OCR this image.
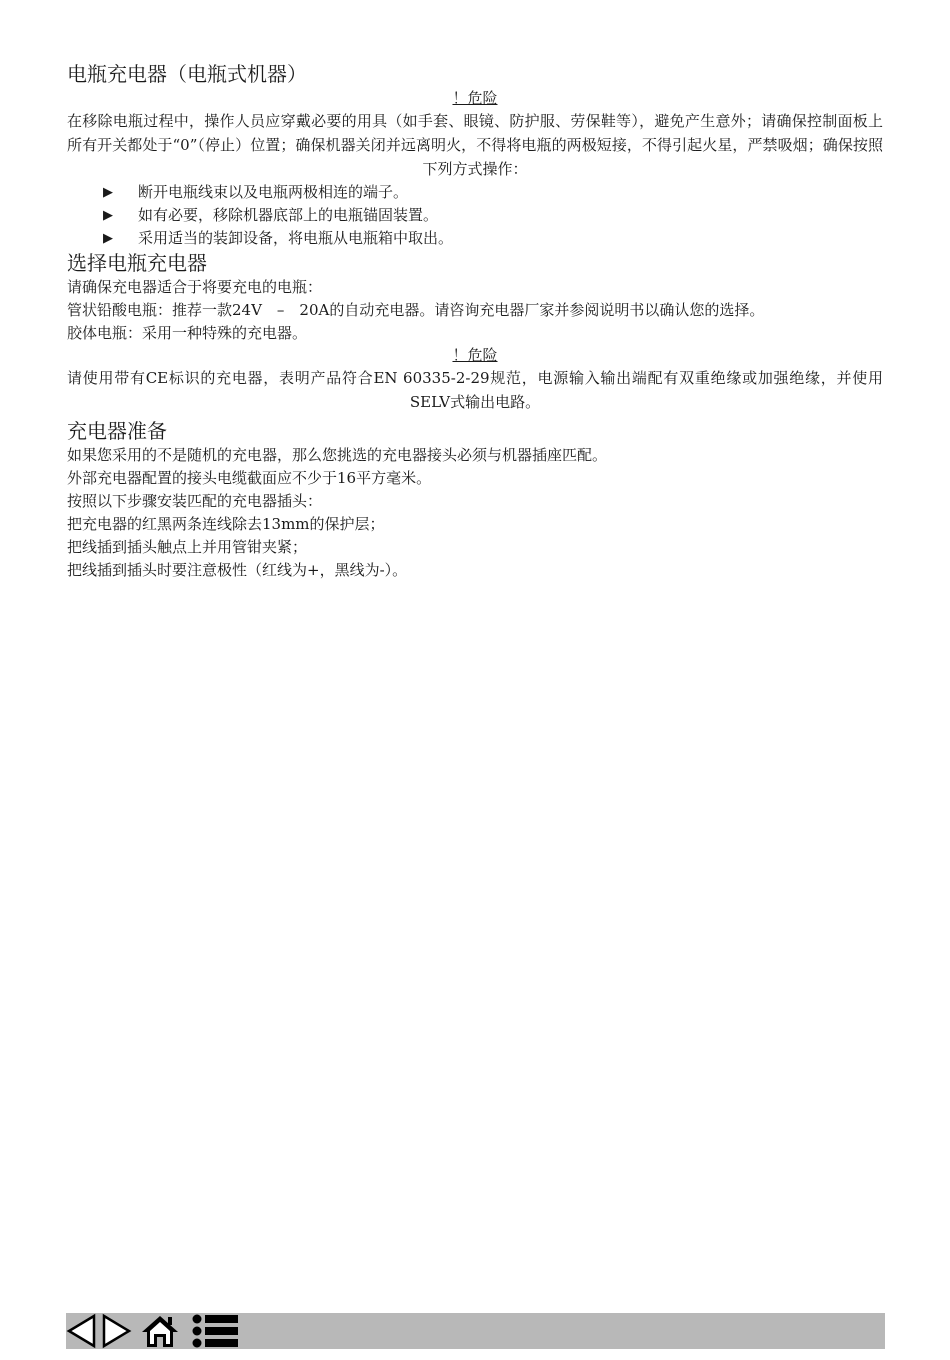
电瓶充电器（电瓶式机器）

！危险

在移除电瓶过程中，操作人员应穿戴必要的用具（如手套、眼镜、防护服、劳保鞋等），避免产生意外；请确保控制面板上所有开关都处于“0”（停止）位置；确保机器关闭并远离明火，不得将电瓶的两极短接，不得引起火星，严禁吸烟；确保按照下列方式操作：

▶	断开电瓶线束以及电瓶两极相连的端子。
▶	如有必要，移除机器底部上的电瓶锚固装置。
▶	采用适当的装卸设备，将电瓶从电瓶箱中取出。
选择电瓶充电器

请确保充电器适合于将要充电的电瓶：

管状铅酸电瓶：推荐一款24V　–　20A的自动充电器。请咨询充电器厂家并参阅说明书以确认您的选择。

胶体电瓶：采用一种特殊的充电器。

！危险

请使用带有CE标识的充电器，表明产品符合EN 60335-2-29规范，电源输入输出端配有双重绝缘或加强绝缘，并使用SELV式输出电路。

充电器准备

如果您采用的不是随机的充电器，那么您挑选的充电器接头必须与机器插座匹配。

外部充电器配置的接头电缆截面应不少于16平方毫米。

按照以下步骤安装匹配的充电器插头：

把充电器的红黑两条连线除去13mm的保护层；

把线插到插头触点上并用管钳夹紧；

把线插到插头时要注意极性（红线为+，黑线为-）。
